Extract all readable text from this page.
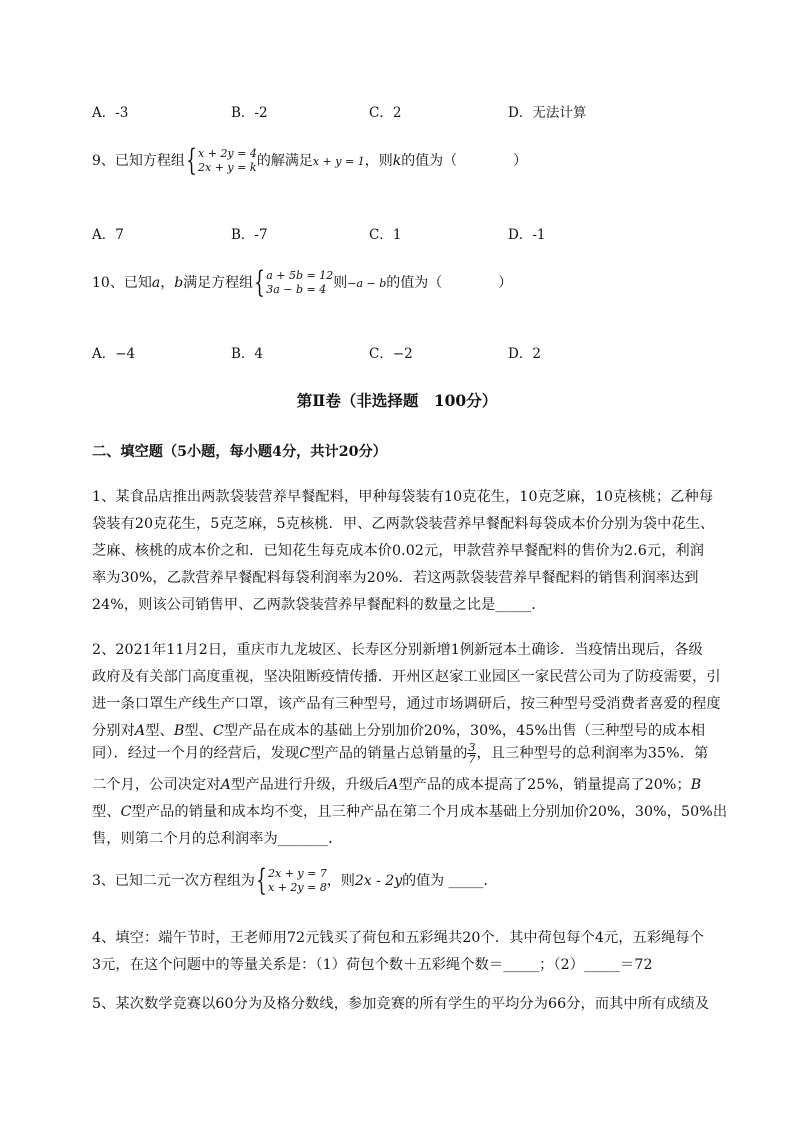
A．-3	B．-2	C．2	D．无法计算
9、已知方程组 { x + 2y = 4
2x + y = k 的解满足x + y = 1，则k的值为（　　　　）
A．7	B．-7	C．1	D．-1
10、已知a，b满足方程组 { a + 5b = 12
3a − b = 4 则−a − b的值为（　　　　）
A．−4	B．4	C．−2	D．2
第Ⅱ卷（非选择题　100分）
二、填空题（5小题，每小题4分，共计20分）
1、某食品店推出两款袋装营养早餐配料，甲种每袋装有10克花生，10克芝麻，10克核桃；乙种每
袋装有20克花生，5克芝麻，5克核桃．甲、乙两款袋装营养早餐配料每袋成本价分别为袋中花生、
芝麻、核桃的成本价之和．已知花生每克成本价0.02元，甲款营养早餐配料的售价为2.6元，利润
率为30%，乙款营养早餐配料每袋利润率为20%．若这两款袋装营养早餐配料的销售利润率达到
24%，则该公司销售甲、乙两款袋装营养早餐配料的数量之比是_____．
2、2021年11月2日，重庆市九龙坡区、长寿区分别新增1例新冠本土确诊．当疫情出现后，各级
政府及有关部门高度重视，坚决阻断疫情传播．开州区赵家工业园区一家民营公司为了防疫需要，引
进一条口罩生产线生产口罩，该产品有三种型号，通过市场调研后，按三种型号受消费者喜爱的程度
分别对A型、B型、C型产品在成本的基础上分别加价20%，30%，45%出售（三种型号的成本相
同）．经过一个月的经营后，发现C型产品的销量占总销量的 $\frac{3}{7}$ ，且三种型号的总利润率为35%．第
二个月，公司决定对A型产品进行升级，升级后A型产品的成本提高了25%，销量提高了20%；B
型、C型产品的销量和成本均不变，且三种产品在第二个月成本基础上分别加价20%，30%，50%出
售，则第二个月的总利润率为_______．
3、已知二元一次方程组为 { 2x + y = 7
x + 2y = 8 ，则2x - 2y的值为 _____．
4、填空：端午节时，王老师用72元钱买了荷包和五彩绳共20个．其中荷包每个4元，五彩绳每个
3元，在这个问题中的等量关系是：（1）荷包个数＋五彩绳个数＝_____；（2）_____＝72
5、某次数学竞赛以60分为及格分数线，参加竞赛的所有学生的平均分为66分，而其中所有成绩及
